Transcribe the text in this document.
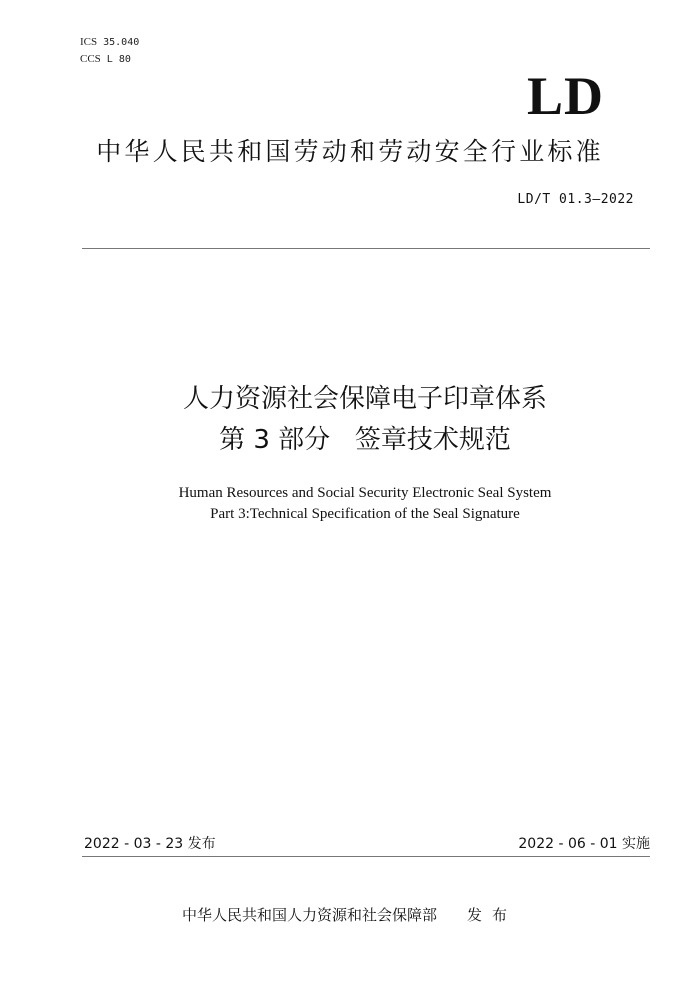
ICS 35.040
CCS L 80
LD
中华人民共和国劳动和劳动安全行业标准
LD/T 01.3—2022
人力资源社会保障电子印章体系
第 3 部分   签章技术规范
Human Resources and Social Security Electronic Seal System
Part 3:Technical Specification of the Seal Signature
2022 - 03 - 23 发布	2022 - 06 - 01 实施
中华人民共和国人力资源和社会保障部 发布
